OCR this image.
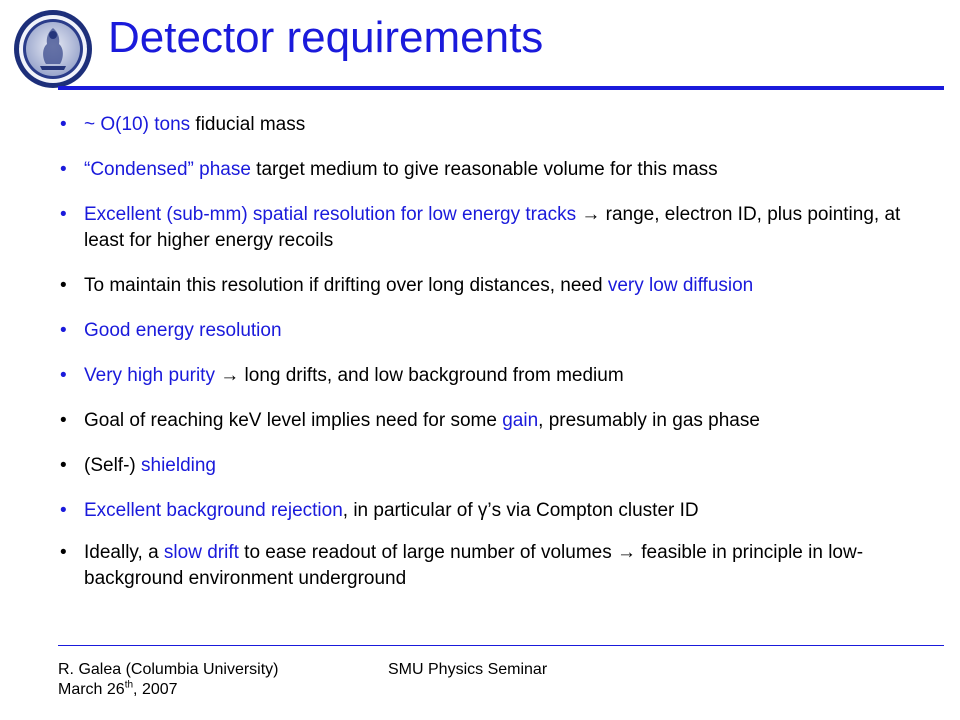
Detector requirements
• ~ O(10) tons fiducial mass
• “Condensed” phase target medium to give reasonable volume for this mass
• Excellent (sub-mm) spatial resolution for low energy tracks → range, electron ID, plus pointing, at least for higher energy recoils
• To maintain this resolution if drifting over long distances, need very low diffusion
• Good energy resolution
• Very high purity → long drifts, and low background from medium
• Goal of reaching keV level implies need for some gain, presumably in gas phase
• (Self-) shielding
• Excellent background rejection, in particular of γ’s via Compton cluster ID
• Ideally, a slow drift to ease readout of large number of volumes → feasible in principle in low-background environment underground
R. Galea (Columbia University)
March 26th, 2007
SMU Physics Seminar
